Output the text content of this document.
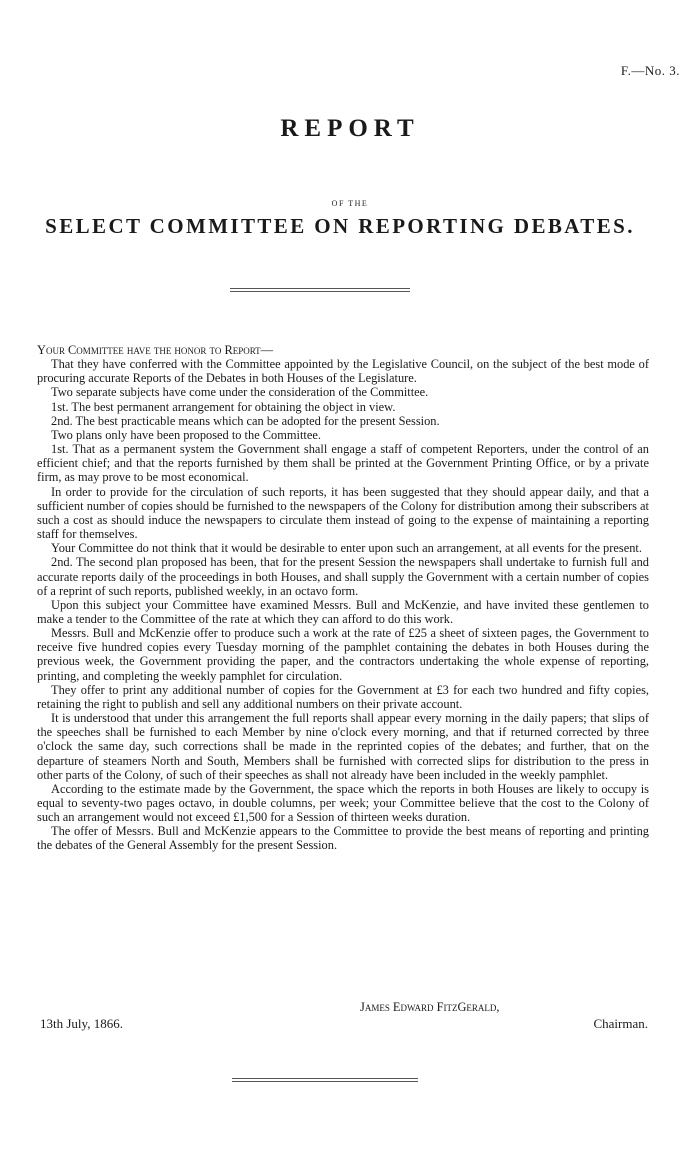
F.—No. 3.
REPORT
OF THE
SELECT COMMITTEE ON REPORTING DEBATES.

Your Committee have the honor to Report—

That they have conferred with the Committee appointed by the Legislative Council, on the subject of the best mode of procuring accurate Reports of the Debates in both Houses of the Legislature.

Two separate subjects have come under the consideration of the Committee.

1st. The best permanent arrangement for obtaining the object in view.

2nd. The best practicable means which can be adopted for the present Session.

Two plans only have been proposed to the Committee.

1st. That as a permanent system the Government shall engage a staff of competent Reporters, under the control of an efficient chief; and that the reports furnished by them shall be printed at the Government Printing Office, or by a private firm, as may prove to be most economical.

In order to provide for the circulation of such reports, it has been suggested that they should appear daily, and that a sufficient number of copies should be furnished to the newspapers of the Colony for distribution among their subscribers at such a cost as should induce the newspapers to circulate them instead of going to the expense of maintaining a reporting staff for themselves.

Your Committee do not think that it would be desirable to enter upon such an arrangement, at all events for the present.

2nd. The second plan proposed has been, that for the present Session the newspapers shall undertake to furnish full and accurate reports daily of the proceedings in both Houses, and shall supply the Government with a certain number of copies of a reprint of such reports, published weekly, in an octavo form.

Upon this subject your Committee have examined Messrs. Bull and McKenzie, and have invited these gentlemen to make a tender to the Committee of the rate at which they can afford to do this work.

Messrs. Bull and McKenzie offer to produce such a work at the rate of £25 a sheet of sixteen pages, the Government to receive five hundred copies every Tuesday morning of the pamphlet containing the debates in both Houses during the previous week, the Government providing the paper, and the contractors undertaking the whole expense of reporting, printing, and completing the weekly pamphlet for circulation.

They offer to print any additional number of copies for the Government at £3 for each two hundred and fifty copies, retaining the right to publish and sell any additional numbers on their private account.

It is understood that under this arrangement the full reports shall appear every morning in the daily papers; that slips of the speeches shall be furnished to each Member by nine o'clock every morning, and that if returned corrected by three o'clock the same day, such corrections shall be made in the reprinted copies of the debates; and further, that on the departure of steamers North and South, Members shall be furnished with corrected slips for distribution to the press in other parts of the Colony, of such of their speeches as shall not already have been included in the weekly pamphlet.

According to the estimate made by the Government, the space which the reports in both Houses are likely to occupy is equal to seventy-two pages octavo, in double columns, per week; your Committee believe that the cost to the Colony of such an arrangement would not exceed £1,500 for a Session of thirteen weeks duration.

The offer of Messrs. Bull and McKenzie appears to the Committee to provide the best means of reporting and printing the debates of the General Assembly for the present Session.

James Edward FitzGerald,
13th July, 1866.	Chairman.
